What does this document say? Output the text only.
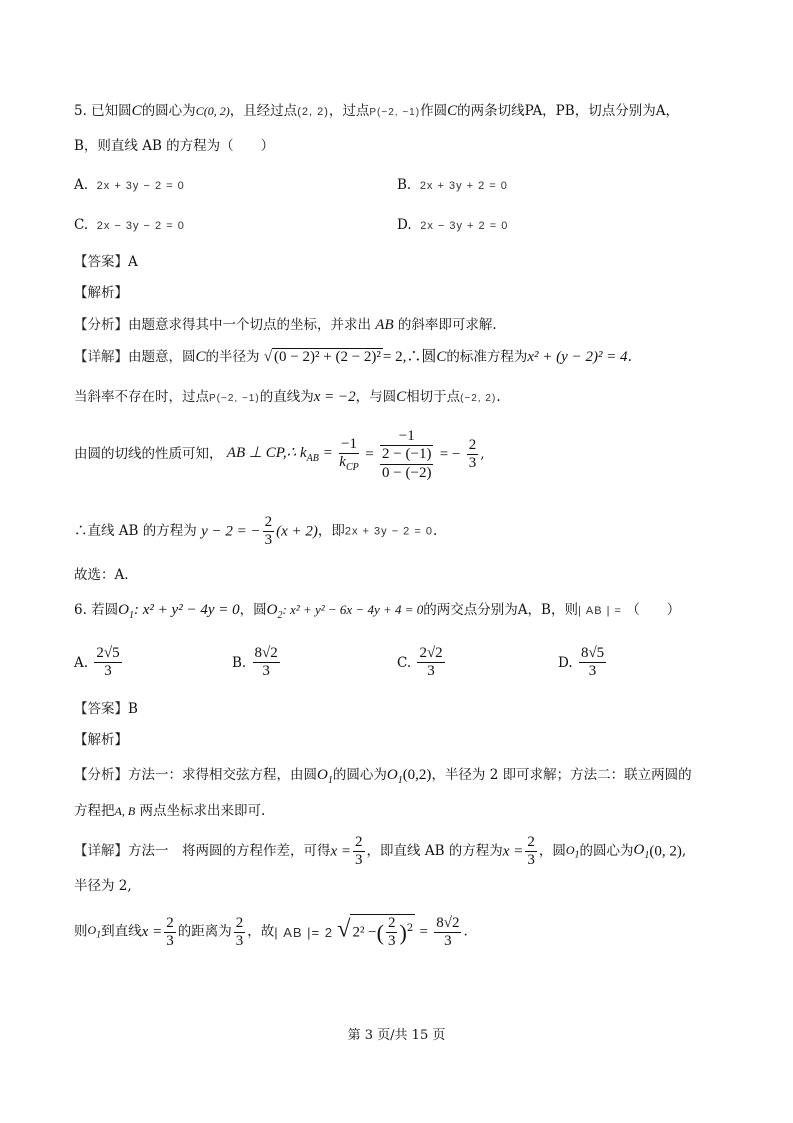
5. 已知圆C的圆心为C(0, 2)，且经过点(2, 2)，过点P(−2, −1)作圆C的两条切线PA，PB，切点分别为A，
B，则直线 AB 的方程为（　　）
A. 2x + 3y − 2 = 0	B. 2x + 3y + 2 = 0
C. 2x − 3y − 2 = 0	D. 2x − 3y + 2 = 0
【答案】A
【解析】
【分析】由题意求得其中一个切点的坐标，并求出 AB 的斜率即可求解.
【详解】由题意，圆C的半径为 √ (0 − 2)² + (2 − 2)² = 2,∴圆C的标准方程为x² + (y − 2)² = 4.
当斜率不存在时，过点P(−2, −1)的直线为x = −2，与圆C相切于点(−2, 2).
由圆的切线的性质可知， AB ⊥ CP,∴ $k_{AB} = \frac{-1}{k_{CP}}$ =
−1
2 − (−1)
0 − (−2)
= − $\frac{2}{3}$ ,
∴直线 AB 的方程为 y − 2 = − $\frac{2}{3} (x + 2)$，即2x + 3y − 2 = 0.
故选：A.
6. 若圆$O_1$: x² + y² − 4y = 0，圆$O_2$: x² + y² − 6x − 4y + 4 = 0的两交点分别为A，B，则| AB | = （　　）
A. $\frac{2√5}{3}$	B. $\frac{8√2}{3}$	C. $\frac{2√2}{3}$	D. $\frac{8√5}{3}$
【答案】B
【解析】
【分析】方法一：求得相交弦方程，由圆$O_1$的圆心为$O_1(0,2)$，半径为 2 即可求解；方法二：联立两圆的
方程把A, B 两点坐标求出来即可.
【详解】方法一　将两圆的方程作差，可得$x = \frac{2}{3}$ ，即直线 AB 的方程为$x = \frac{2}{3}$ ，圆$O_1$的圆心为$O_1(0$, 2),
半径为 2,
则$O_1$到直线$x = \frac{2}{3}$ 的距离为 $\frac{2}{3}$ ，故| AB |= 2 √ 2² −( $\frac{2}{3} )^2 = \frac{8√2}{3}$ .
第 3 页/共 15 页
